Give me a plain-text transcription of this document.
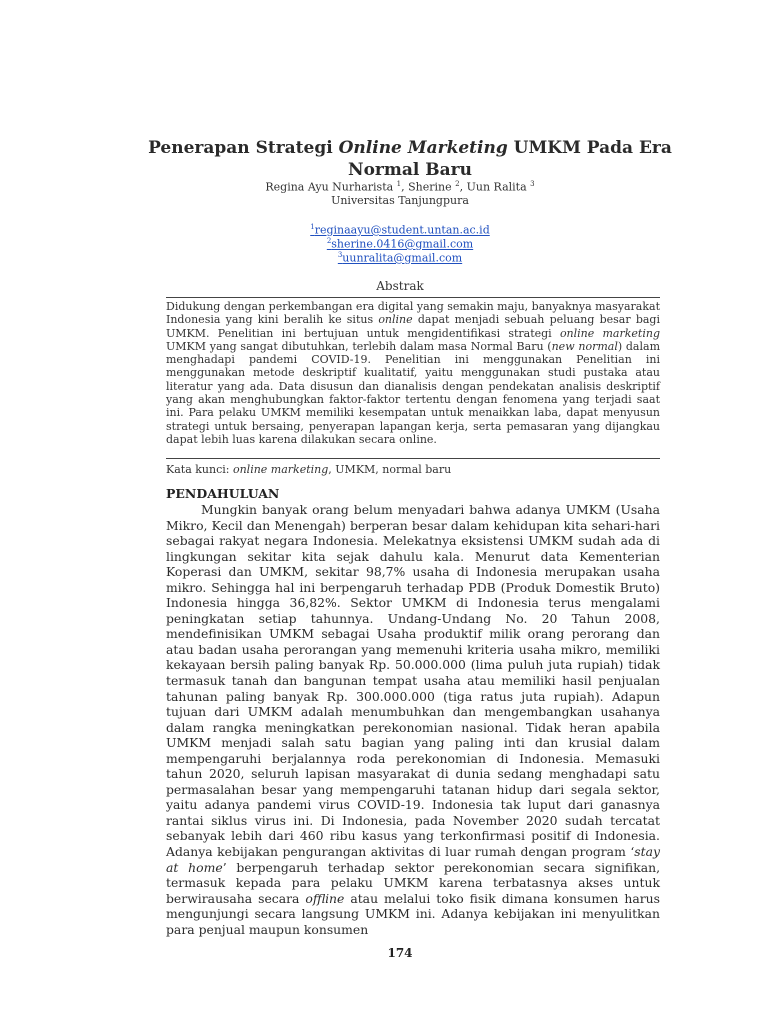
Penerapan Strategi Online Marketing UMKM Pada Era Normal Baru
Regina Ayu Nurharista $^1$, Sherine $^2$, Uun Ralita $^3$
Universitas Tanjungpura
$^1$reginaayu@student.untan.ac.id
$^2$sherine.0416@gmail.com
$^3$uunralita@gmail.com
Abstrak
Didukung dengan perkembangan era digital yang semakin maju, banyaknya masyarakat Indonesia yang kini beralih ke situs online dapat menjadi sebuah peluang besar bagi UMKM. Penelitian ini bertujuan untuk mengidentifikasi strategi online marketing UMKM yang sangat dibutuhkan, terlebih dalam masa Normal Baru (new normal) dalam menghadapi pandemi COVID-19. Penelitian ini menggunakan Penelitian ini menggunakan metode deskriptif kualitatif, yaitu menggunakan studi pustaka atau literatur yang ada. Data disusun dan dianalisis dengan pendekatan analisis deskriptif yang akan menghubungkan faktor-faktor tertentu dengan fenomena yang terjadi saat ini. Para pelaku UMKM memiliki kesempatan untuk menaikkan laba, dapat menyusun strategi untuk bersaing, penyerapan lapangan kerja, serta pemasaran yang dijangkau dapat lebih luas karena dilakukan secara online.
Kata kunci: online marketing, UMKM, normal baru
PENDAHULUAN

Mungkin banyak orang belum menyadari bahwa adanya UMKM (Usaha Mikro, Kecil dan Menengah) berperan besar dalam kehidupan kita sehari-hari sebagai rakyat negara Indonesia. Melekatnya eksistensi UMKM sudah ada di lingkungan sekitar kita sejak dahulu kala. Menurut data Kementerian Koperasi dan UMKM, sekitar 98,7% usaha di Indonesia merupakan usaha mikro. Sehingga hal ini berpengaruh terhadap PDB (Produk Domestik Bruto) Indonesia hingga 36,82%. Sektor UMKM di Indonesia terus mengalami peningkatan setiap tahunnya. Undang-Undang No. 20 Tahun 2008, mendefinisikan UMKM sebagai Usaha produktif milik orang perorang dan atau badan usaha perorangan yang memenuhi kriteria usaha mikro, memiliki kekayaan bersih paling banyak Rp. 50.000.000 (lima puluh juta rupiah) tidak termasuk tanah dan bangunan tempat usaha atau memiliki hasil penjualan tahunan paling banyak Rp. 300.000.000 (tiga ratus juta rupiah). Adapun tujuan dari UMKM adalah menumbuhkan dan mengembangkan usahanya dalam rangka meningkatkan perekonomian nasional. Tidak heran apabila UMKM menjadi salah satu bagian yang paling inti dan krusial dalam mempengaruhi berjalannya roda perekonomian di Indonesia. Memasuki tahun 2020, seluruh lapisan masyarakat di dunia sedang menghadapi satu permasalahan besar yang mempengaruhi tatanan hidup dari segala sektor, yaitu adanya pandemi virus COVID-19. Indonesia tak luput dari ganasnya rantai siklus virus ini. Di Indonesia, pada November 2020 sudah tercatat sebanyak lebih dari 460 ribu kasus yang terkonfirmasi positif di Indonesia. Adanya kebijakan pengurangan aktivitas di luar rumah dengan program ‘stay at home’ berpengaruh terhadap sektor perekonomian secara signifikan, termasuk kepada para pelaku UMKM karena terbatasnya akses untuk berwirausaha secara offline atau melalui toko fisik dimana konsumen harus mengunjungi secara langsung UMKM ini. Adanya kebijakan ini menyulitkan para penjual maupun konsumen

174
